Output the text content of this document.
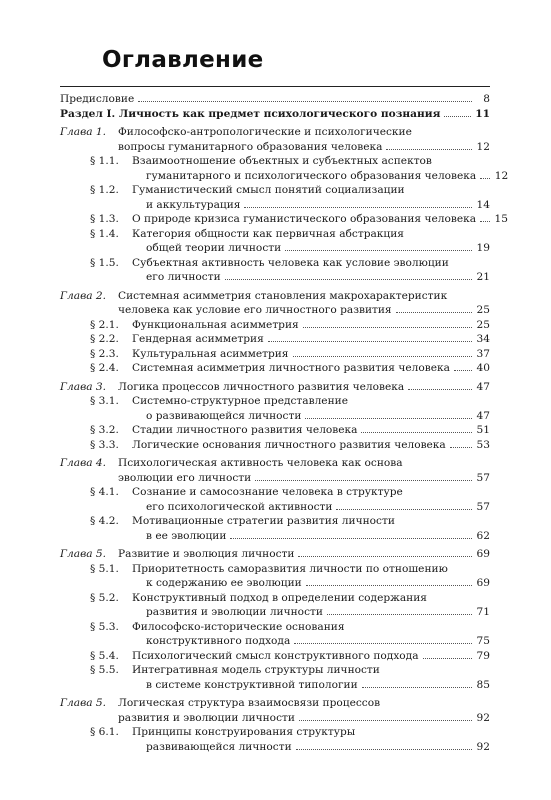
Оглавление
Предисловие	8
Раздел I. Личность как предмет психологического познания	11
Глава 1. Философско-антропологические и психологические
вопросы гуманитарного образования человека	12
§ 1.1. Взаимоотношение объектных и субъектных аспектов
гуманитарного и психологического образования человека 12
§ 1.2. Гуманистический смысл понятий социализации
и аккультурация	14
§ 1.3. О природе кризиса гуманистического образования человека 15
§ 1.4. Категория общности как первичная абстракция
общей теории личности	19
§ 1.5. Субъектная активность человека как условие эволюции
его личности	21
Глава 2. Системная асимметрия становления макрохарактеристик
человека как условие его личностного развития	25
§ 2.1. Функциональная асимметрия	25
§ 2.2. Гендерная асимметрия	34
§ 2.3. Культуральная асимметрия	37
§ 2.4. Системная асимметрия личностного развития человека	40
Глава 3. Логика процессов личностного развития человека	47
§ 3.1. Системно-структурное представление
о развивающейся личности	47
§ 3.2. Стадии личностного развития человека	51
§ 3.3. Логические основания личностного развития человека	53
Глава 4. Психологическая активность человека как основа
эволюции его личности	57
§ 4.1. Сознание и самосознание человека в структуре
его психологической активности	57
§ 4.2. Мотивационные стратегии развития личности
в ее эволюции	62
Глава 5. Развитие и эволюция личности	69
§ 5.1. Приоритетность саморазвития личности по отношению
к содержанию ее эволюции	69
§ 5.2. Конструктивный подход в определении содержания
развития и эволюции личности	71
§ 5.3. Философско-исторические основания
конструктивного подхода	75
§ 5.4. Психологический смысл конструктивного подхода	79
§ 5.5. Интегративная модель структуры личности
в системе конструктивной типологии	85
Глава 5. Логическая структура взаимосвязи процессов
развития и эволюции личности	92
§ 6.1. Принципы конструирования структуры
развивающейся личности	92
